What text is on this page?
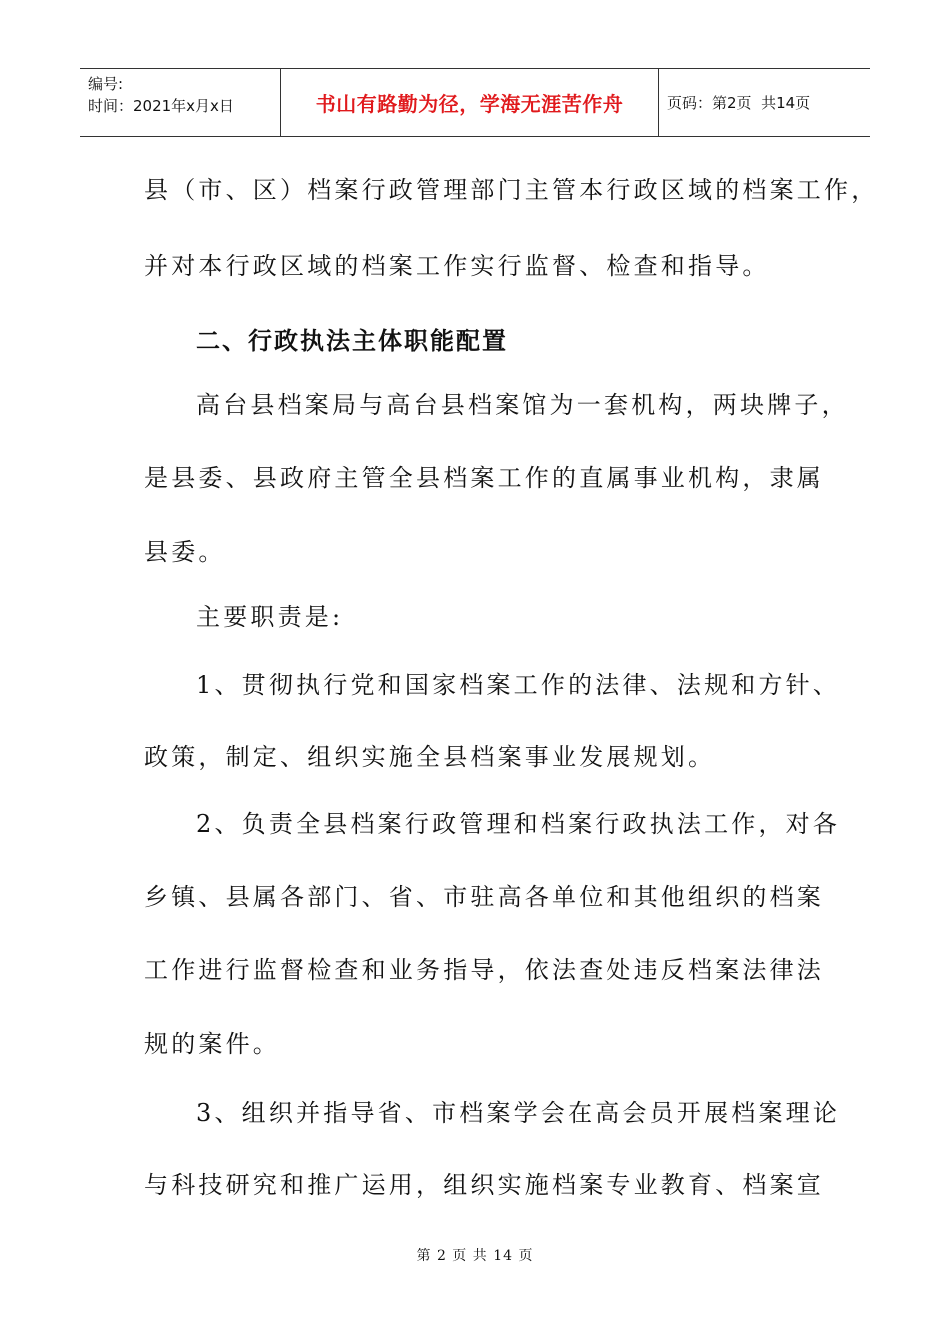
编号:
时间：2021年x月x日	书山有路勤为径，学海无涯苦作舟	页码：第2页  共14页
县（市、区）档案行政管理部门主管本行政区域的档案工作，
并对本行政区域的档案工作实行监督、检查和指导。
二、行政执法主体职能配置
高台县档案局与高台县档案馆为一套机构，两块牌子，
是县委、县政府主管全县档案工作的直属事业机构，隶属
县委。
主要职责是:
1、贯彻执行党和国家档案工作的法律、法规和方针、
政策，制定、组织实施全县档案事业发展规划。
2、负责全县档案行政管理和档案行政执法工作，对各
乡镇、县属各部门、省、市驻高各单位和其他组织的档案
工作进行监督检查和业务指导，依法查处违反档案法律法
规的案件。
3、组织并指导省、市档案学会在高会员开展档案理论
与科技研究和推广运用，组织实施档案专业教育、档案宣
第 2 页 共 14 页
